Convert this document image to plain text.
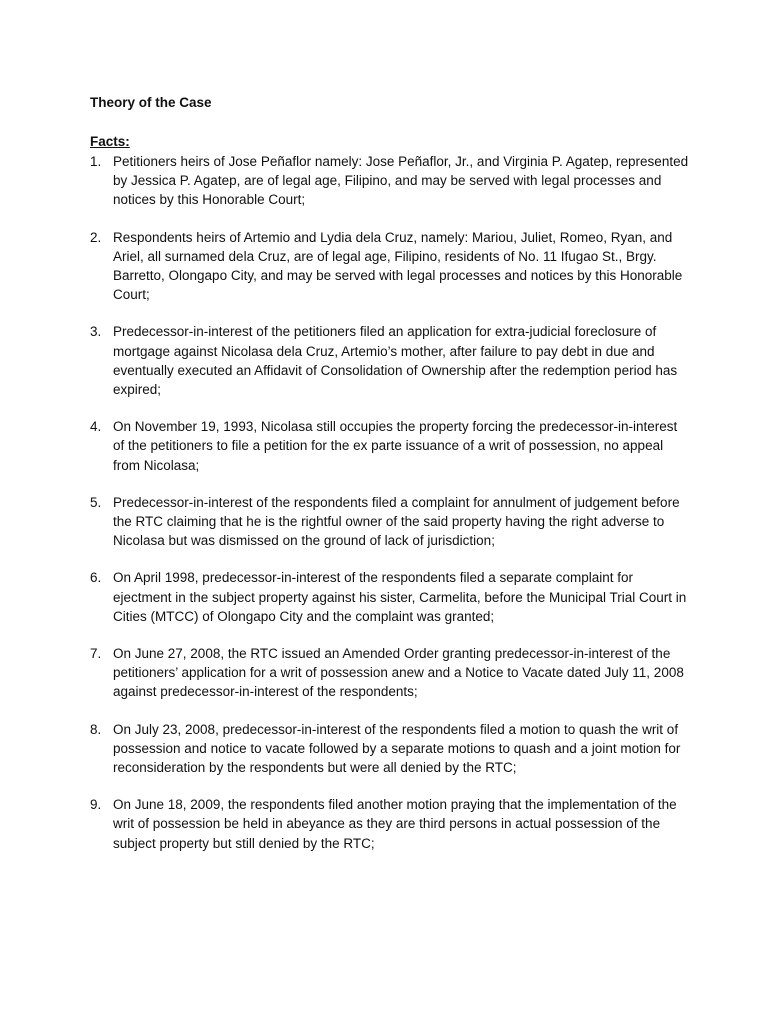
Theory of the Case
Facts:
1. Petitioners heirs of Jose Peñaflor namely: Jose Peñaflor, Jr., and Virginia P. Agatep, represented by Jessica P. Agatep, are of legal age, Filipino, and may be served with legal processes and notices by this Honorable Court;
2. Respondents heirs of Artemio and Lydia dela Cruz, namely: Mariou, Juliet, Romeo, Ryan, and Ariel, all surnamed dela Cruz, are of legal age, Filipino, residents of No. 11 Ifugao St., Brgy. Barretto, Olongapo City, and may be served with legal processes and notices by this Honorable Court;
3. Predecessor-in-interest of the petitioners filed an application for extra-judicial foreclosure of mortgage against Nicolasa dela Cruz, Artemio’s mother, after failure to pay debt in due and eventually executed an Affidavit of Consolidation of Ownership after the redemption period has expired;
4. On November 19, 1993, Nicolasa still occupies the property forcing the predecessor-in-interest of the petitioners to file a petition for the ex parte issuance of a writ of possession, no appeal from Nicolasa;
5. Predecessor-in-interest of the respondents filed a complaint for annulment of judgement before the RTC claiming that he is the rightful owner of the said property having the right adverse to Nicolasa but was dismissed on the ground of lack of jurisdiction;
6. On April 1998, predecessor-in-interest of the respondents filed a separate complaint for ejectment in the subject property against his sister, Carmelita, before the Municipal Trial Court in Cities (MTCC) of Olongapo City and the complaint was granted;
7. On June 27, 2008, the RTC issued an Amended Order granting predecessor-in-interest of the petitioners’ application for a writ of possession anew and a Notice to Vacate dated July 11, 2008 against predecessor-in-interest of the respondents;
8. On July 23, 2008, predecessor-in-interest of the respondents filed a motion to quash the writ of possession and notice to vacate followed by a separate motions to quash and a joint motion for reconsideration by the respondents but were all denied by the RTC;
9. On June 18, 2009, the respondents filed another motion praying that the implementation of the writ of possession be held in abeyance as they are third persons in actual possession of the subject property but still denied by the RTC;
